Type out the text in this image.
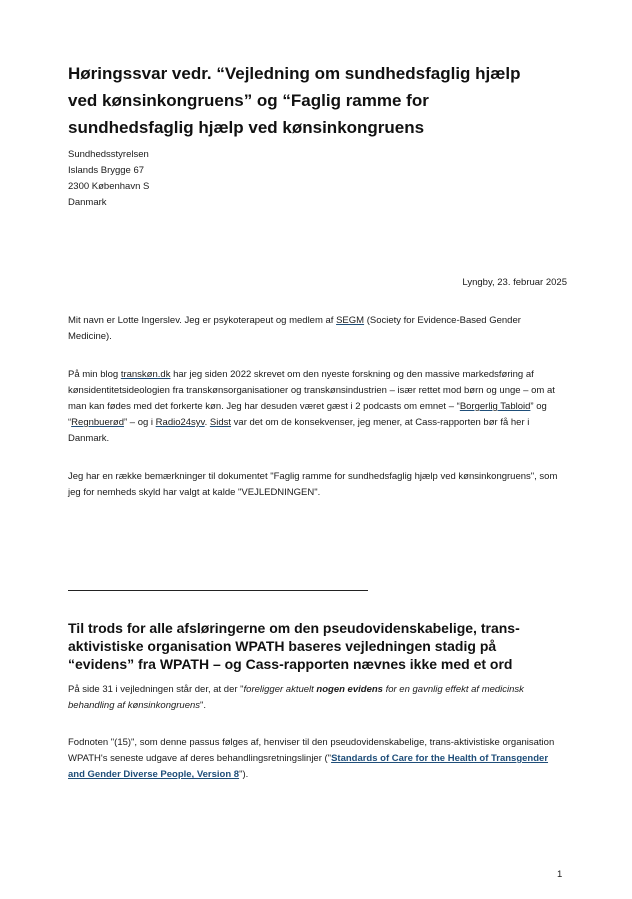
Høringssvar vedr. “Vejledning om sundhedsfaglig hjælp ved kønsinkongruens” og “Faglig ramme for sundhedsfaglig hjælp ved kønsinkongruens
Sundhedsstyrelsen
Islands Brygge 67
2300 København S
Danmark
Lyngby, 23. februar 2025

Mit navn er Lotte Ingerslev. Jeg er psykoterapeut og medlem af SEGM (Society for Evidence-Based Gender Medicine).

På min blog transkøn.dk har jeg siden 2022 skrevet om den nyeste forskning og den massive markedsføring af kønsidentitetsideologien fra transkønsorganisationer og transkønsindustrien – især rettet mod børn og unge – om at man kan fødes med det forkerte køn. Jeg har desuden været gæst i 2 podcasts om emnet – “Borgerlig Tabloid” og “Regnbuerød” – og i Radio24syv. Sidst var det om de konsekvenser, jeg mener, at Cass-rapporten bør få her i Danmark.

Jeg har en række bemærkninger til dokumentet "Faglig ramme for sundhedsfaglig hjælp ved kønsinkongruens", som jeg for nemheds skyld har valgt at kalde "VEJLEDNINGEN".

Til trods for alle afsløringerne om den pseudovidenskabelige, trans-aktivistiske organisation WPATH baseres vejledningen stadig på “evidens” fra WPATH – og Cass-rapporten nævnes ikke med et ord

På side 31 i vejledningen står der, at der "foreligger aktuelt nogen evidens for en gavnlig effekt af medicinsk behandling af kønsinkongruens".

Fodnoten "(15)", som denne passus følges af, henviser til den pseudovidenskabelige, trans-aktivistiske organisation WPATH's seneste udgave af deres behandlingsretningslinjer ("Standards of Care for the Health of Transgender and Gender Diverse People, Version 8").

1
